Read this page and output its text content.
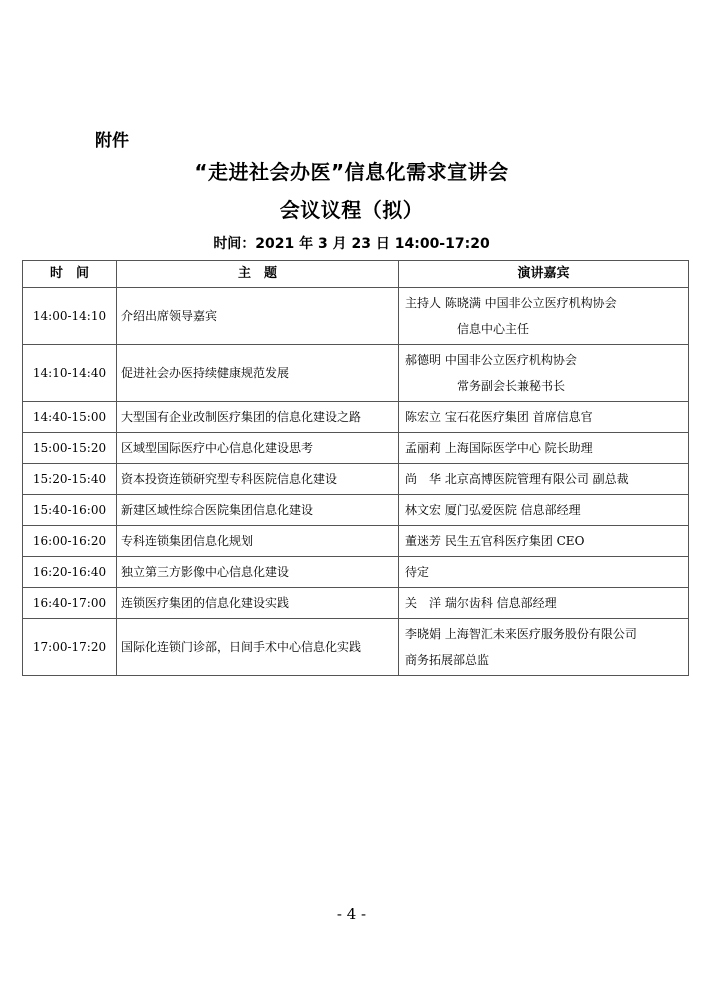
附件
“走进社会办医”信息化需求宣讲会
会议议程（拟）
时间：2021 年 3 月 23 日 14:00-17:20
时　间	主　题	演讲嘉宾
14:00-14:10	介绍出席领导嘉宾	主持人 陈晓满 中国非公立医疗机构协会
信息中心主任

14:10-14:40	促进社会办医持续健康规范发展	郝德明 中国非公立医疗机构协会
常务副会长兼秘书长

14:40-15:00	大型国有企业改制医疗集团的信息化建设之路	陈宏立 宝石花医疗集团 首席信息官
15:00-15:20	区域型国际医疗中心信息化建设思考	孟丽莉 上海国际医学中心 院长助理
15:20-15:40	资本投资连锁研究型专科医院信息化建设	尚　华 北京高博医院管理有限公司 副总裁
15:40-16:00	新建区域性综合医院集团信息化建设	林文宏 厦门弘爱医院 信息部经理
16:00-16:20	专科连锁集团信息化规划	董迷芳 民生五官科医疗集团 CEO
16:20-16:40	独立第三方影像中心信息化建设	待定
16:40-17:00	连锁医疗集团的信息化建设实践	关　洋 瑞尔齿科 信息部经理
17:00-17:20	国际化连锁门诊部，日间手术中心信息化实践	李晓娟 上海智汇未来医疗服务股份有限公司
商务拓展部总监
- 4 -
